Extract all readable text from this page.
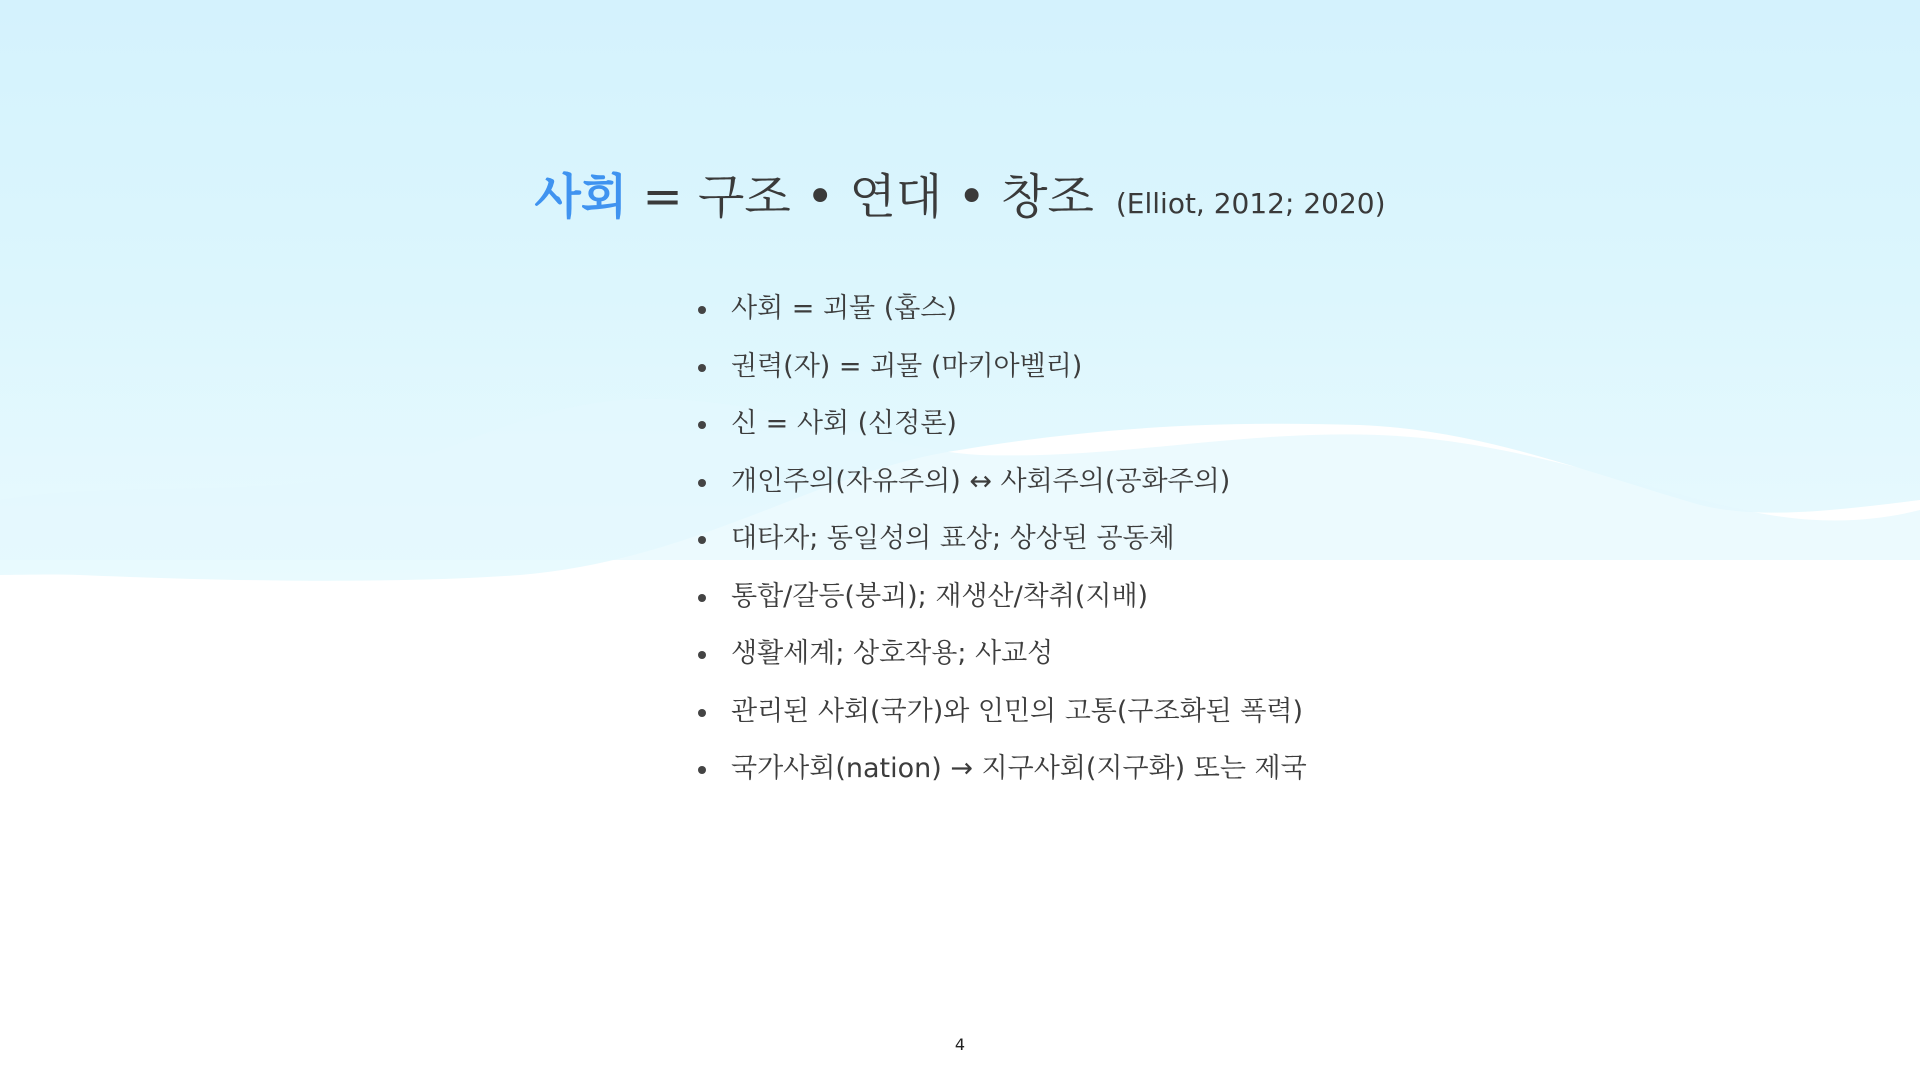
사회 = 구조 • 연대 • 창조 (Elliot, 2012; 2020)
사회 = 괴물 (홉스)
권력(자) = 괴물 (마키아벨리)
신 = 사회 (신정론)
개인주의(자유주의) ↔ 사회주의(공화주의)
대타자; 동일성의 표상; 상상된 공동체
통합/갈등(붕괴); 재생산/착취(지배)
생활세계; 상호작용; 사교성
관리된 사회(국가)와 인민의 고통(구조화된 폭력)
국가사회(nation) → 지구사회(지구화) 또는 제국
4
